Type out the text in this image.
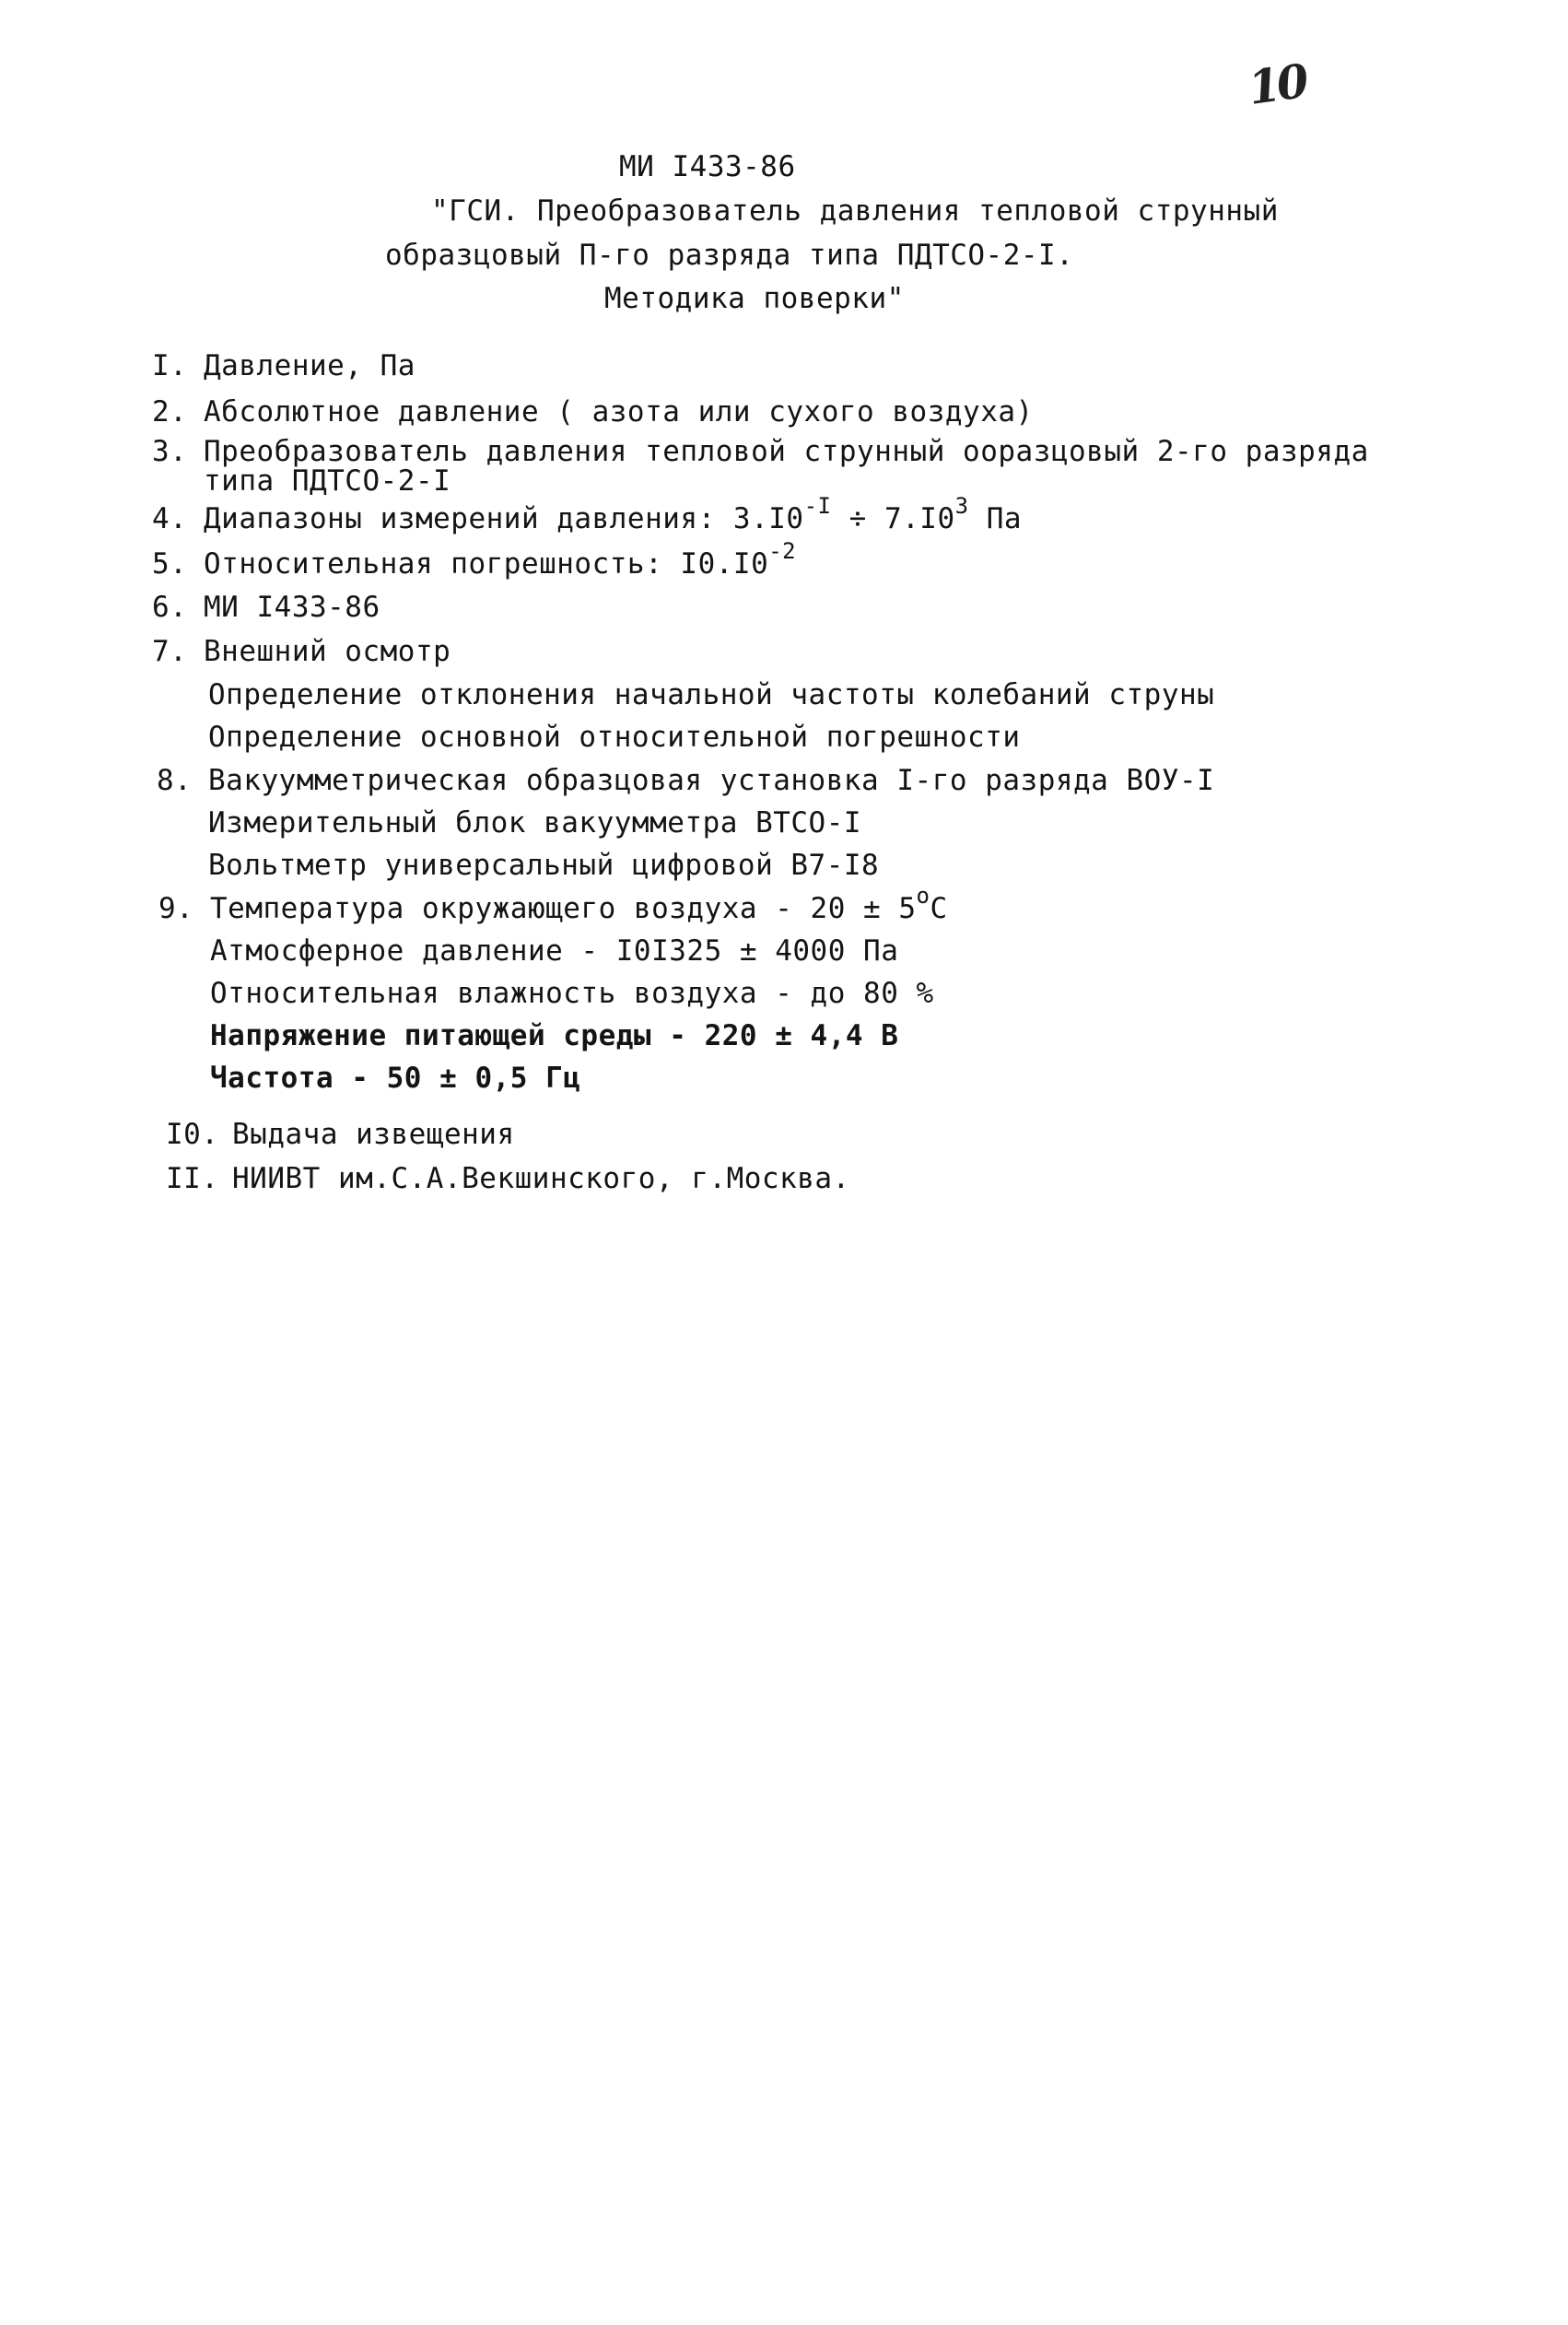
10
МИ I433-86
"ГСИ. Преобразователь давления тепловой струнный
образцовый П-го разряда типа ПДТСО-2-I.
Методика поверки"
I. Давление, Па
2. Абсолютное давление ( азота или сухого воздуха)
3. Преобразователь давления тепловой струнный ооразцовый 2-го разряда
типа ПДТСО-2-I
4. Диапазоны измерений давления: $3.I0^{-I} \div 7.I0^3$ Па
5. Относительная погрешность: $I0.I0^{-2}$
6. МИ I433-86
7. Внешний осмотр
Определение отклонения начальной частоты колебаний струны
Определение основной относительной погрешности
8. Вакуумметрическая образцовая установка I-го разряда ВОУ-I
Измерительный блок вакуумметра ВТСО-I
Вольтметр универсальный цифровой В7-I8
9. Температура окружающего воздуха - $20 \pm 5^оС$
Атмосферное давление - I0I325 ± 4000 Па
Относительная влажность воздуха - до 80 %
Напряжение питающей среды - 220 ± 4,4 В
Частота - 50 ± 0,5 Гц
I0. Выдача извещения
II. НИИВТ им.С.А.Векшинского, г.Москва.
